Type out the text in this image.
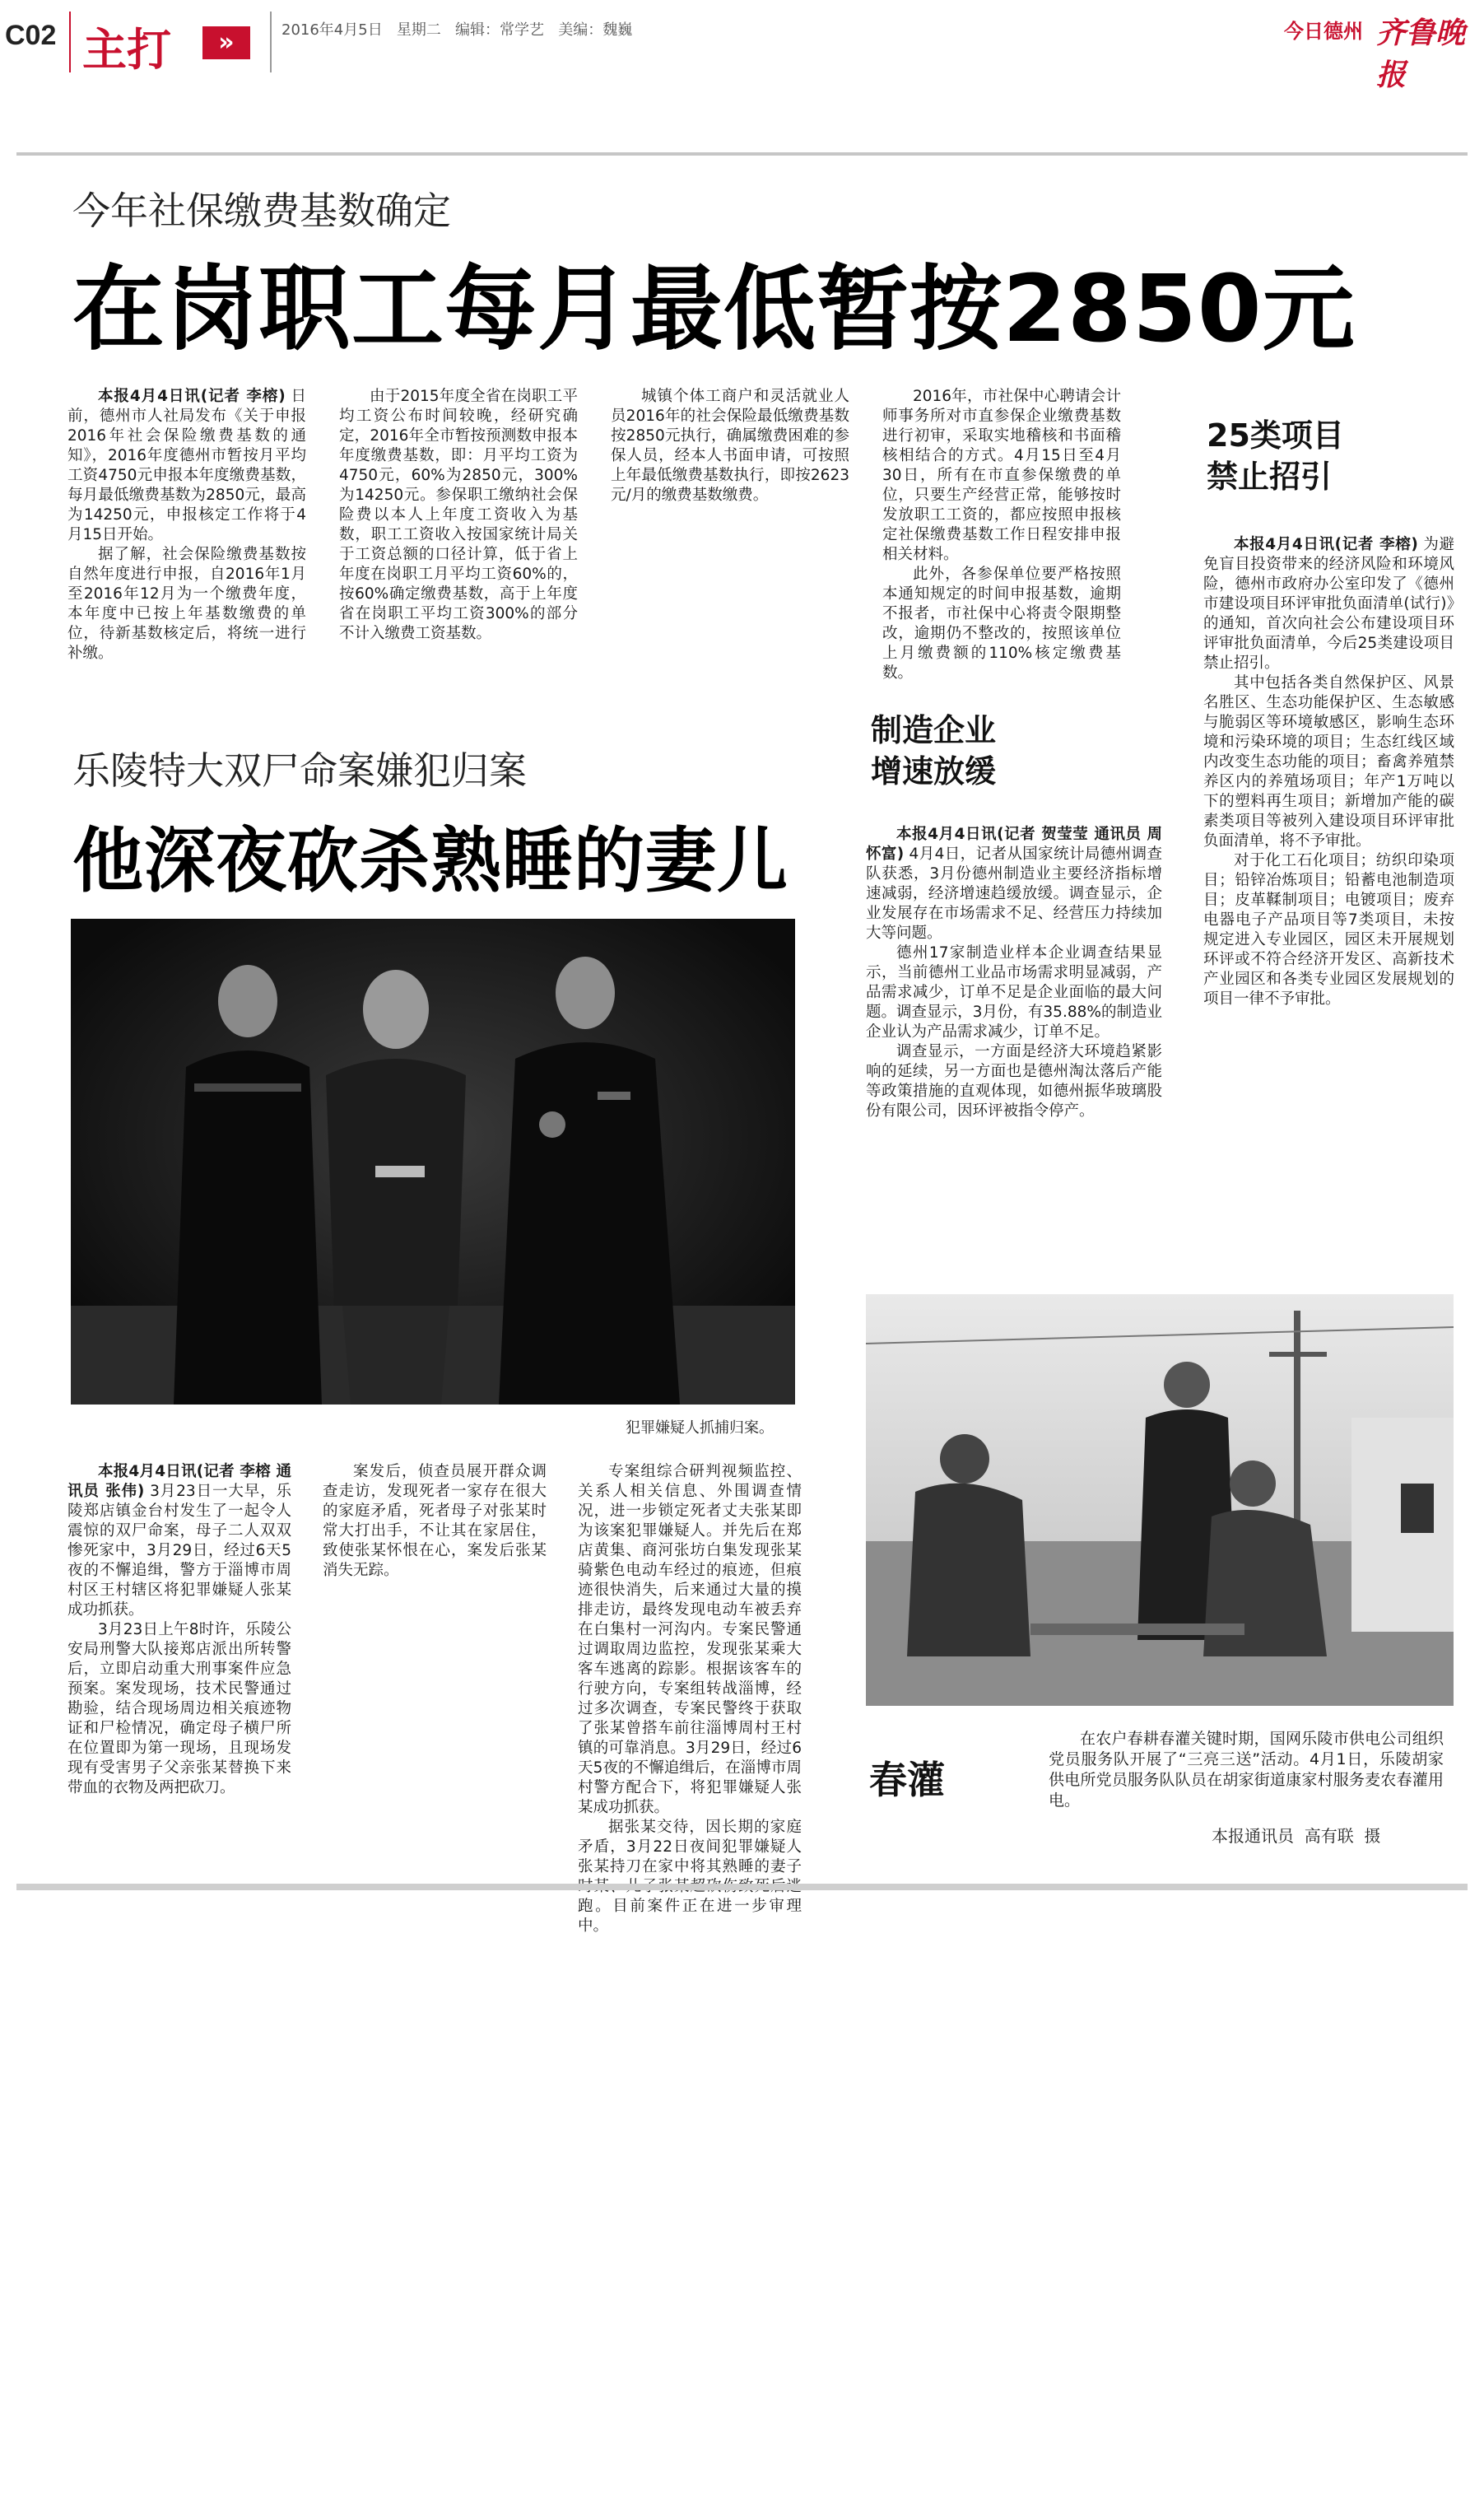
C02 主打	»	2016年4月5日   星期二   编辑：常学艺   美编：魏巍	今日德州 齐鲁晚报
今年社保缴费基数确定
在岗职工每月最低暂按2850元

本报4月4日讯(记者 李榕) 日前，德州市人社局发布《关于申报2016年社会保险缴费基数的通知》，2016年度德州市暂按月平均工资4750元申报本年度缴费基数，每月最低缴费基数为2850元，最高为14250元，申报核定工作将于4月15日开始。

据了解，社会保险缴费基数按自然年度进行申报，自2016年1月至2016年12月为一个缴费年度，本年度中已按上年基数缴费的单位，待新基数核定后，将统一进行补缴。

由于2015年度全省在岗职工平均工资公布时间较晚，经研究确定，2016年全市暂按预测数申报本年度缴费基数，即：月平均工资为4750元，60%为2850元，300%为14250元。参保职工缴纳社会保险费以本人上年度工资收入为基数，职工工资收入按国家统计局关于工资总额的口径计算，低于省上年度在岗职工月平均工资60%的，按60%确定缴费基数，高于上年度省在岗职工平均工资300%的部分不计入缴费工资基数。

城镇个体工商户和灵活就业人员2016年的社会保险最低缴费基数按2850元执行，确属缴费困难的参保人员，经本人书面申请，可按照上年最低缴费基数执行，即按2623元/月的缴费基数缴费。

2016年，市社保中心聘请会计师事务所对市直参保企业缴费基数进行初审，采取实地稽核和书面稽核相结合的方式。4月15日至4月30日，所有在市直参保缴费的单位，只要生产经营正常，能够按时发放职工工资的，都应按照申报核定社保缴费基数工作日程安排申报相关材料。

此外，各参保单位要严格按照本通知规定的时间申报基数，逾期不报者，市社保中心将责令限期整改，逾期仍不整改的，按照该单位上月缴费额的110%核定缴费基数。

25类项目
禁止招引

本报4月4日讯(记者 李榕) 为避免盲目投资带来的经济风险和环境风险，德州市政府办公室印发了《德州市建设项目环评审批负面清单(试行)》的通知，首次向社会公布建设项目环评审批负面清单，今后25类建设项目禁止招引。

其中包括各类自然保护区、风景名胜区、生态功能保护区、生态敏感与脆弱区等环境敏感区，影响生态环境和污染环境的项目；生态红线区域内改变生态功能的项目；畜禽养殖禁养区内的养殖场项目；年产1万吨以下的塑料再生项目；新增加产能的碳素类项目等被列入建设项目环评审批负面清单，将不予审批。

对于化工石化项目；纺织印染项目；铅锌冶炼项目；铅蓄电池制造项目；皮革鞣制项目；电镀项目；废弃电器电子产品项目等7类项目，未按规定进入专业园区，园区未开展规划环评或不符合经济开发区、高新技术产业园区和各类专业园区发展规划的项目一律不予审批。

制造企业
增速放缓

本报4月4日讯(记者 贺莹莹 通讯员 周怀富) 4月4日，记者从国家统计局德州调查队获悉，3月份德州制造业主要经济指标增速减弱，经济增速趋缓放缓。调查显示，企业发展存在市场需求不足、经营压力持续加大等问题。

德州17家制造业样本企业调查结果显示，当前德州工业品市场需求明显减弱，产品需求减少，订单不足是企业面临的最大问题。调查显示，3月份，有35.88%的制造业企业认为产品需求减少，订单不足。

调查显示，一方面是经济大环境趋紧影响的延续，另一方面也是德州淘汰落后产能等政策措施的直观体现，如德州振华玻璃股份有限公司，因环评被指令停产。

乐陵特大双尸命案嫌犯归案
他深夜砍杀熟睡的妻儿
犯罪嫌疑人抓捕归案。

本报4月4日讯(记者 李榕 通讯员 张伟) 3月23日一大早，乐陵郑店镇金台村发生了一起令人震惊的双尸命案，母子二人双双惨死家中，3月29日，经过6天5夜的不懈追缉，警方于淄博市周村区王村辖区将犯罪嫌疑人张某成功抓获。

3月23日上午8时许，乐陵公安局刑警大队接郑店派出所转警后，立即启动重大刑事案件应急预案。案发现场，技术民警通过勘验，结合现场周边相关痕迹物证和尸检情况，确定母子横尸所在位置即为第一现场，且现场发现有受害男子父亲张某替换下来带血的衣物及两把砍刀。

案发后，侦查员展开群众调查走访，发现死者一家存在很大的家庭矛盾，死者母子对张某时常大打出手，不让其在家居住，致使张某怀恨在心，案发后张某消失无踪。

专案组综合研判视频监控、关系人相关信息、外围调查情况，进一步锁定死者丈夫张某即为该案犯罪嫌疑人。并先后在郑店黄集、商河张坊白集发现张某骑紫色电动车经过的痕迹，但痕迹很快消失，后来通过大量的摸排走访，最终发现电动车被丢弃在白集村一河沟内。专案民警通过调取周边监控，发现张某乘大客车逃离的踪影。根据该客车的行驶方向，专案组转战淄博，经过多次调查，专案民警终于获取了张某曾搭车前往淄博周村王村镇的可靠消息。3月29日，经过6天5夜的不懈追缉后，在淄博市周村警方配合下，将犯罪嫌疑人张某成功抓获。

据张某交待，因长期的家庭矛盾，3月22日夜间犯罪嫌疑人张某持刀在家中将其熟睡的妻子 跑。目前案件正在进一步审理中。

春灌

在农户春耕春灌关键时期，国网乐陵市供电公司组织党员服务队开展了“三亮三送”活动。4月1日，乐陵胡家供电所党员服务队队员在胡家街道康家村服务麦农春灌用电。

本报通讯员  高有联  摄
